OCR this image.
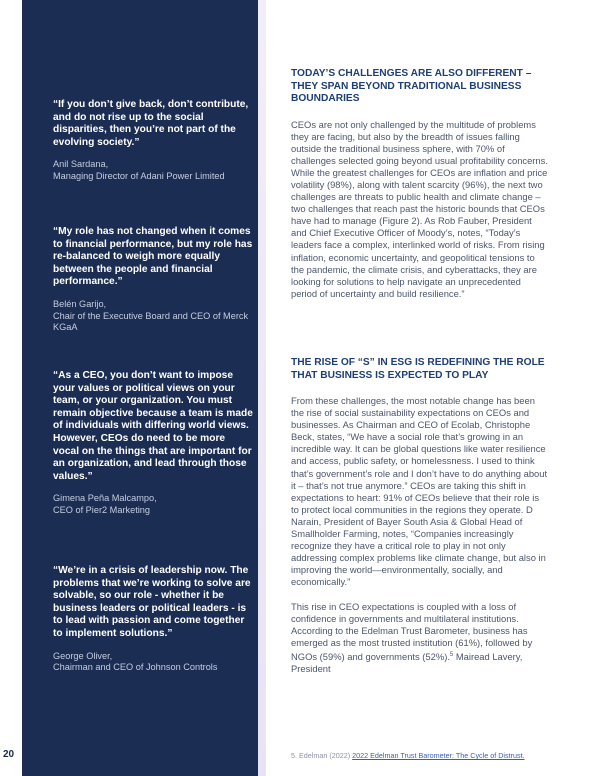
20

“If you don’t give back, don’t contribute, and do not rise up to the social disparities, then you’re not part of the evolving society.”

Anil Sardana,

Managing Director of Adani Power Limited

“My role has not changed when it comes to financial performance, but my role has re-balanced to weigh more equally between the people and financial performance.”

Belén Garijo,

Chair of the Executive Board and CEO of Merck KGaA

“As a CEO, you don’t want to impose your values or political views on your team, or your organization. You must remain objective because a team is made of individuals with differing world views. However, CEOs do need to be more vocal on the things that are important for an organization, and lead through those values.”

Gimena Peña Malcampo,

CEO of Pier2 Marketing

“We’re in a crisis of leadership now. The problems that we’re working to solve are solvable, so our role - whether it be business leaders or political leaders - is to lead with passion and come together to implement solutions.”

George Oliver,

Chairman and CEO of Johnson Controls

TODAY’S CHALLENGES ARE ALSO DIFFERENT – THEY SPAN BEYOND TRADITIONAL BUSINESS BOUNDARIES

CEOs are not only challenged by the multitude of problems they are facing, but also by the breadth of issues falling outside the traditional business sphere, with 70% of challenges selected going beyond usual profitability concerns. While the greatest challenges for CEOs are inflation and price volatility (98%), along with talent scarcity (96%), the next two challenges are threats to public health and climate change – two challenges that reach past the historic bounds that CEOs have had to manage (Figure 2). As Rob Fauber, President and Chief Executive Officer of Moody’s, notes, “Today’s leaders face a complex, interlinked world of risks. From rising inflation, economic uncertainty, and geopolitical tensions to the pandemic, the climate crisis, and cyberattacks, they are looking for solutions to help navigate an unprecedented period of uncertainty and build resilience.”

THE RISE OF “S” IN ESG IS REDEFINING THE ROLE THAT BUSINESS IS EXPECTED TO PLAY

From these challenges, the most notable change has been the rise of social sustainability expectations on CEOs and businesses. As Chairman and CEO of Ecolab, Christophe Beck, states, “We have a social role that’s growing in an incredible way. It can be global questions like water resilience and access, public safety, or homelessness. I used to think that’s government’s role and I don’t have to do anything about it – that’s not true anymore.” CEOs are taking this shift in expectations to heart: 91% of CEOs believe that their role is to protect local communities in the regions they operate. D Narain, President of Bayer South Asia & Global Head of Smallholder Farming, notes, “Companies increasingly recognize they have a critical role to play in not only addressing complex problems like climate change, but also in improving the world—environmentally, socially, and economically.”

This rise in CEO expectations is coupled with a loss of confidence in governments and multilateral institutions. According to the Edelman Trust Barometer, business has emerged as the most trusted institution (61%), followed by NGOs (59%) and governments (52%).$^5$ Mairead Lavery, President

5. Edelman (2022) 2022 Edelman Trust Barometer: The Cycle of Distrust.
